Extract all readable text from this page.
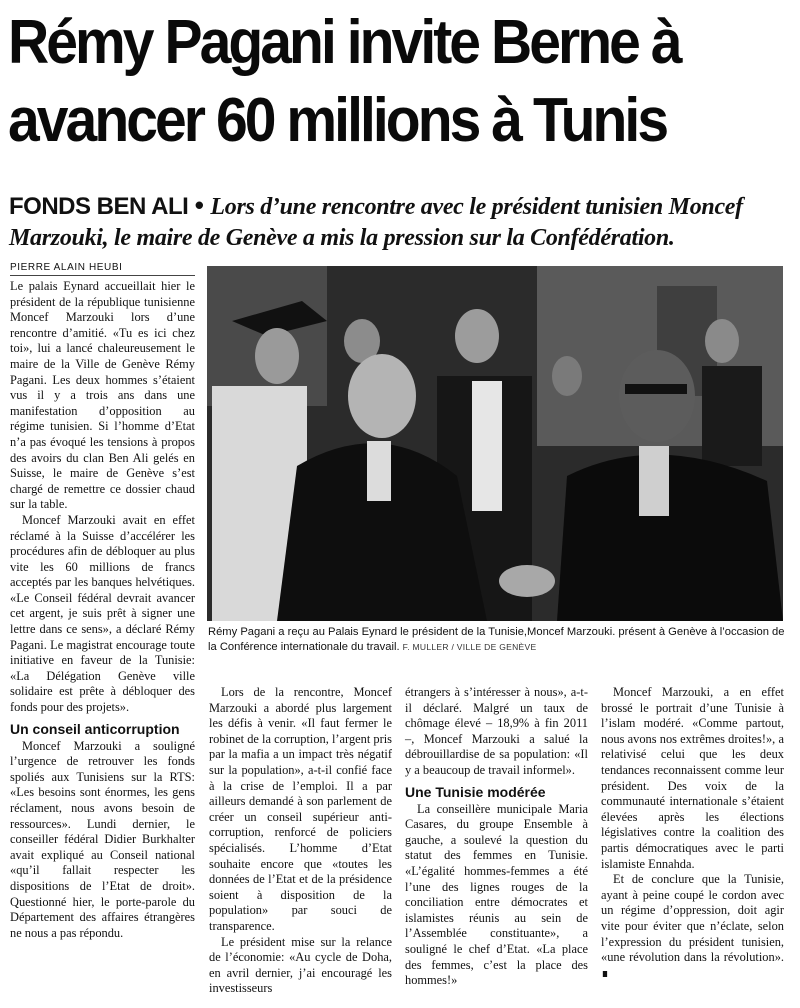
Rémy Pagani invite Berne à
avancer 60 millions à Tunis

FONDS BEN ALI • Lors d’une rencontre avec le président tunisien Moncef Marzouki, le maire de Genève a mis la pression sur la Confédération.

PIERRE ALAIN HEUBI

Le palais Eynard accueillait hier le président de la république tunisienne Moncef Marzouki lors d’une rencontre d’amitié. «Tu es ici chez toi», lui a lancé chaleureusement le maire de la Ville de Genève Rémy Pagani. Les deux hommes s’étaient vus il y a trois ans dans une manifestation d’opposition au régime tunisien. Si l’homme d’Etat n’a pas évoqué les tensions à propos des avoirs du clan Ben Ali gelés en Suisse, le maire de Genève s’est chargé de remettre ce dossier chaud sur la table.

Moncef Marzouki avait en effet réclamé à la Suisse d’accélérer les procédures afin de débloquer au plus vite les 60 millions de francs acceptés par les banques helvétiques. «Le Conseil fédéral devrait avancer cet argent, je suis prêt à signer une lettre dans ce sens», a déclaré Rémy Pagani. Le magistrat encourage toute initiative en faveur de la Tunisie: «La Délégation Genève ville solidaire est prête à débloquer des fonds pour des projets».

Un conseil anticorruption

Moncef Marzouki a souligné l’urgence de retrouver les fonds spoliés aux Tunisiens sur la RTS: «Les besoins sont énormes, les gens réclament, nous avons besoin de ressources». Lundi dernier, le conseiller fédéral Didier Burkhalter avait expliqué au Conseil national «qu’il fallait respecter les dispositions de l’Etat de droit». Questionné hier, le porte-parole du Département des affaires étrangères ne nous a pas répondu.

Rémy Pagani a reçu au Palais Eynard le président de la Tunisie,Moncef Marzouki. présent à Genève à l’occasion de la Conférence internationale du travail. F. MULLER / VILLE DE GENÈVE

Lors de la rencontre, Moncef Marzouki a abordé plus largement les défis à venir. «Il faut fermer le robinet de la corruption, l’argent pris par la mafia a un impact très négatif sur la population», a-t-il confié face à la crise de l’emploi. Il a par ailleurs demandé à son parlement de créer un conseil supérieur anti-corruption, renforcé de policiers spécialisés. L’homme d’Etat souhaite encore que «toutes les données de l’Etat et de la présidence soient à disposition de la population» par souci de transparence.

Le président mise sur la relance de l’économie: «Au cycle de Doha, en avril dernier, j’ai encouragé les investisseurs

étrangers à s’intéresser à nous», a-t-il déclaré. Malgré un taux de chômage élevé – 18,9% à fin 2011 –, Moncef Marzouki a salué la débrouillardise de sa population: «Il y a beaucoup de travail informel».

Une Tunisie modérée

La conseillère municipale Maria Casares, du groupe Ensemble à gauche, a soulevé la question du statut des femmes en Tunisie. «L’égalité hommes-femmes a été l’une des lignes rouges de la conciliation entre démocrates et islamistes réunis au sein de l’Assemblée constituante», a souligné le chef d’Etat. «La place des femmes, c’est la place des hommes!»

Moncef Marzouki, a en effet brossé le portrait d’une Tunisie à l’islam modéré. «Comme partout, nous avons nos extrêmes droites!», a relativisé celui que les deux tendances reconnaissent comme leur président. Des voix de la communauté internationale s’étaient élevées après les élections législatives contre la coalition des partis démocratiques avec le parti islamiste Ennahda.

Et de conclure que la Tunisie, ayant à peine coupé le cordon avec un régime d’oppression, doit agir vite pour éviter que n’éclate, selon l’expression du président tunisien, «une révolution dans la révolution». ∎
